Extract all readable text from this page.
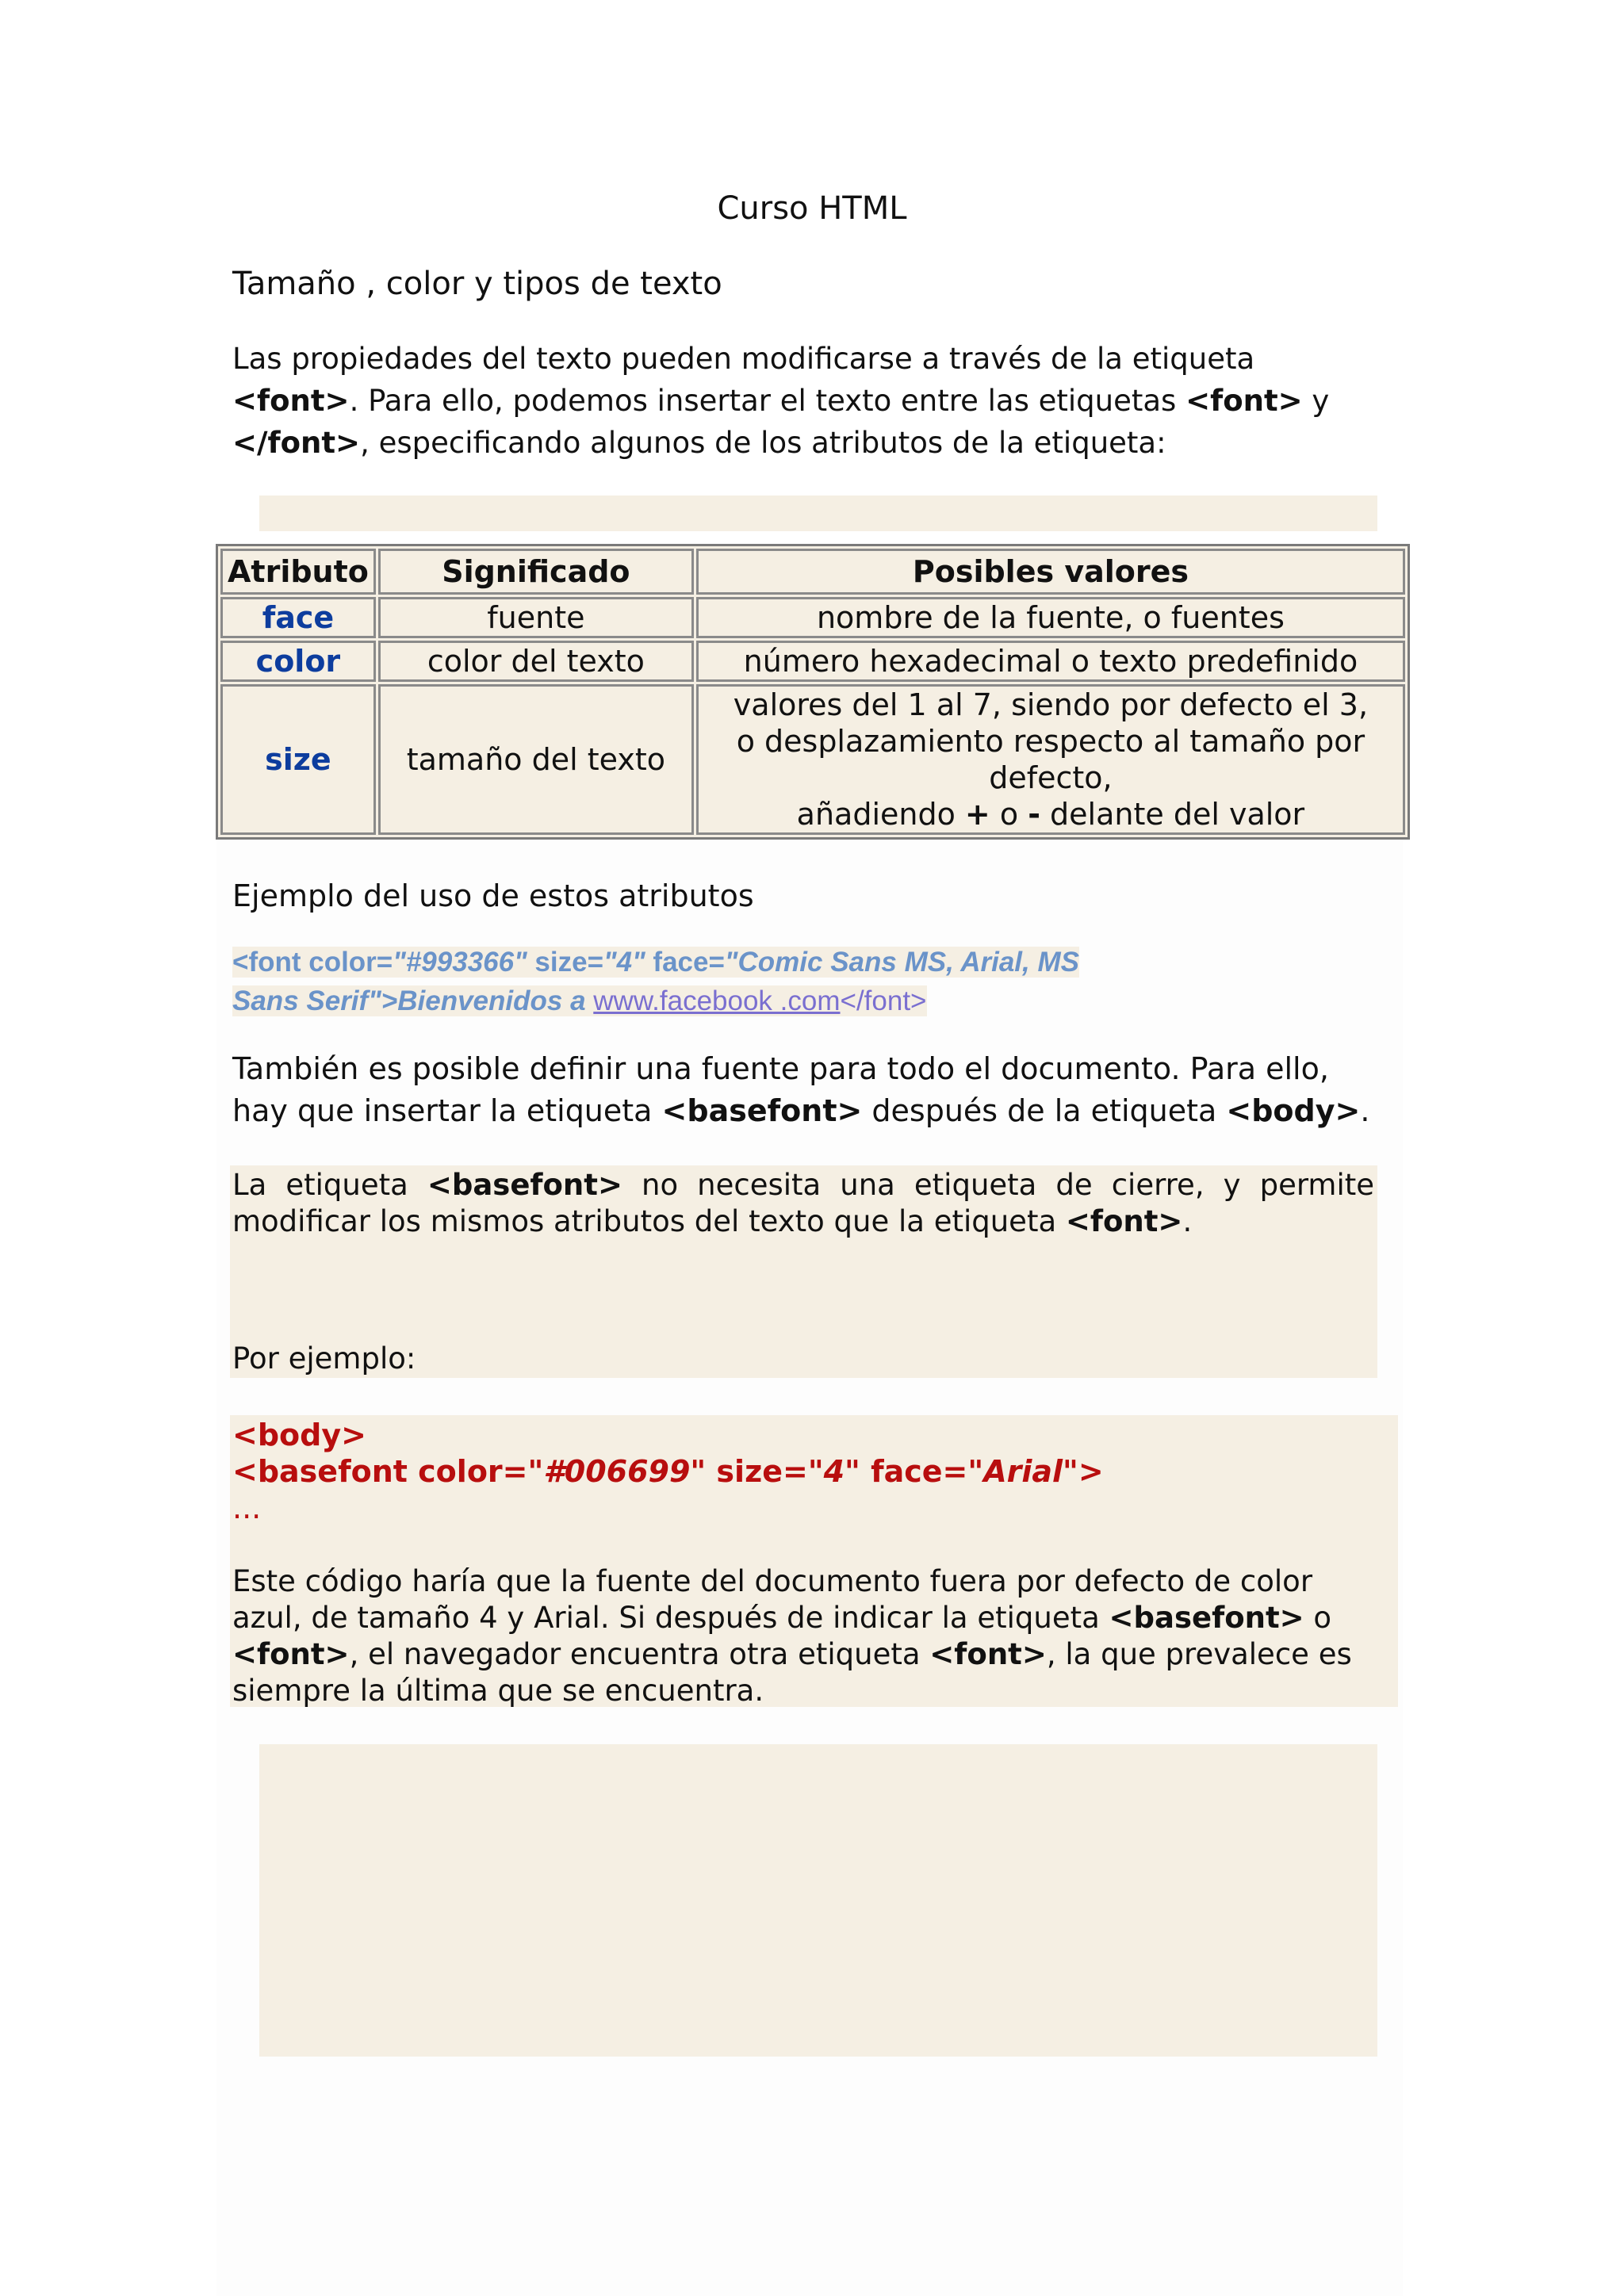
Curso HTML
Tamaño , color y tipos de texto
Las propiedades del texto pueden modificarse a través de la etiqueta <font>. Para ello, podemos insertar el texto entre las etiquetas <font> y </font>, especificando algunos de los atributos de la etiqueta:
Atributo	Significado	Posibles valores
face	fuente	nombre de la fuente, o fuentes
color	color del texto	número hexadecimal o texto predefinido
size	tamaño del texto	valores del 1 al 7, siendo por defecto el 3,
o desplazamiento respecto al tamaño por defecto,
añadiendo + o - delante del valor
Ejemplo del uso de estos atributos
<font color="#993366" size="4" face="Comic Sans MS, Arial, MS Sans Serif">Bienvenidos a www.facebook .com</font>
También es posible definir una fuente para todo el documento. Para ello, hay que insertar la etiqueta <basefont> después de la etiqueta <body>.
La etiqueta <basefont> no necesita una etiqueta de cierre, y permite modificar los mismos atributos del texto que la etiqueta <font>.
Por ejemplo:
<body>
<basefont color="#006699" size="4" face="Arial">
...
Este código haría que la fuente del documento fuera por defecto de color azul, de tamaño 4 y Arial. Si después de indicar la etiqueta <basefont> o <font>, el navegador encuentra otra etiqueta <font>, la que prevalece es siempre la última que se encuentra.
